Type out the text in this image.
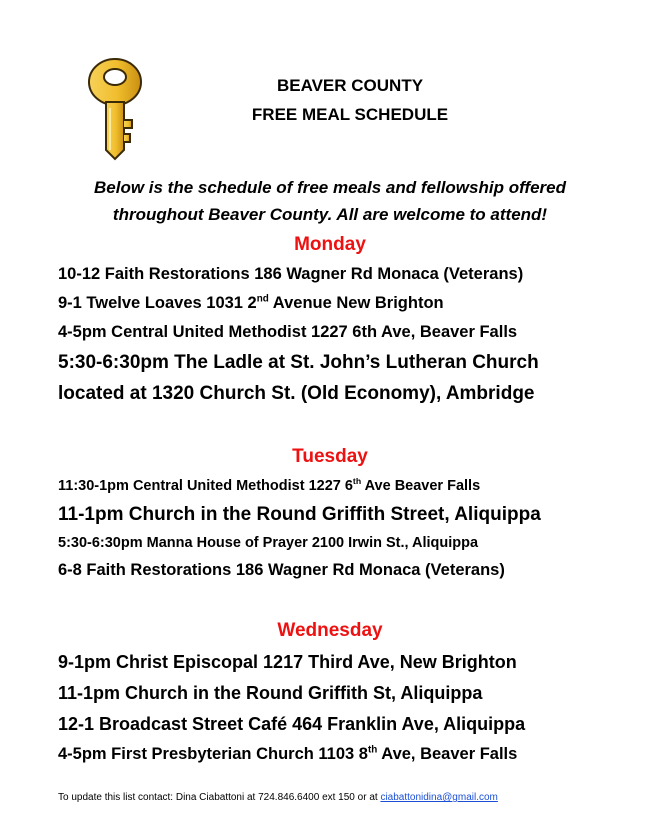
BEAVER COUNTY
FREE MEAL SCHEDULE
Below is the schedule of free meals and fellowship offered
throughout Beaver County. All are welcome to attend!
Monday
10-12 Faith Restorations 186 Wagner Rd Monaca (Veterans)
9-1 Twelve Loaves 1031 2nd Avenue New Brighton
4-5pm Central United Methodist 1227 6th Ave, Beaver Falls
5:30-6:30pm The Ladle at St. John’s Lutheran Church
located at 1320 Church St. (Old Economy), Ambridge
Tuesday
11:30-1pm Central United Methodist 1227 6th Ave Beaver Falls
11-1pm Church in the Round Griffith Street, Aliquippa
5:30-6:30pm Manna House of Prayer 2100 Irwin St., Aliquippa
6-8 Faith Restorations 186 Wagner Rd Monaca (Veterans)
Wednesday
9-1pm Christ Episcopal 1217 Third Ave, New Brighton
11-1pm Church in the Round Griffith St, Aliquippa
12-1 Broadcast Street Café 464 Franklin Ave, Aliquippa
4-5pm First Presbyterian Church 1103 8th Ave, Beaver Falls
To update this list contact: Dina Ciabattoni at 724.846.6400 ext 150 or at ciabattonidina@gmail.com
